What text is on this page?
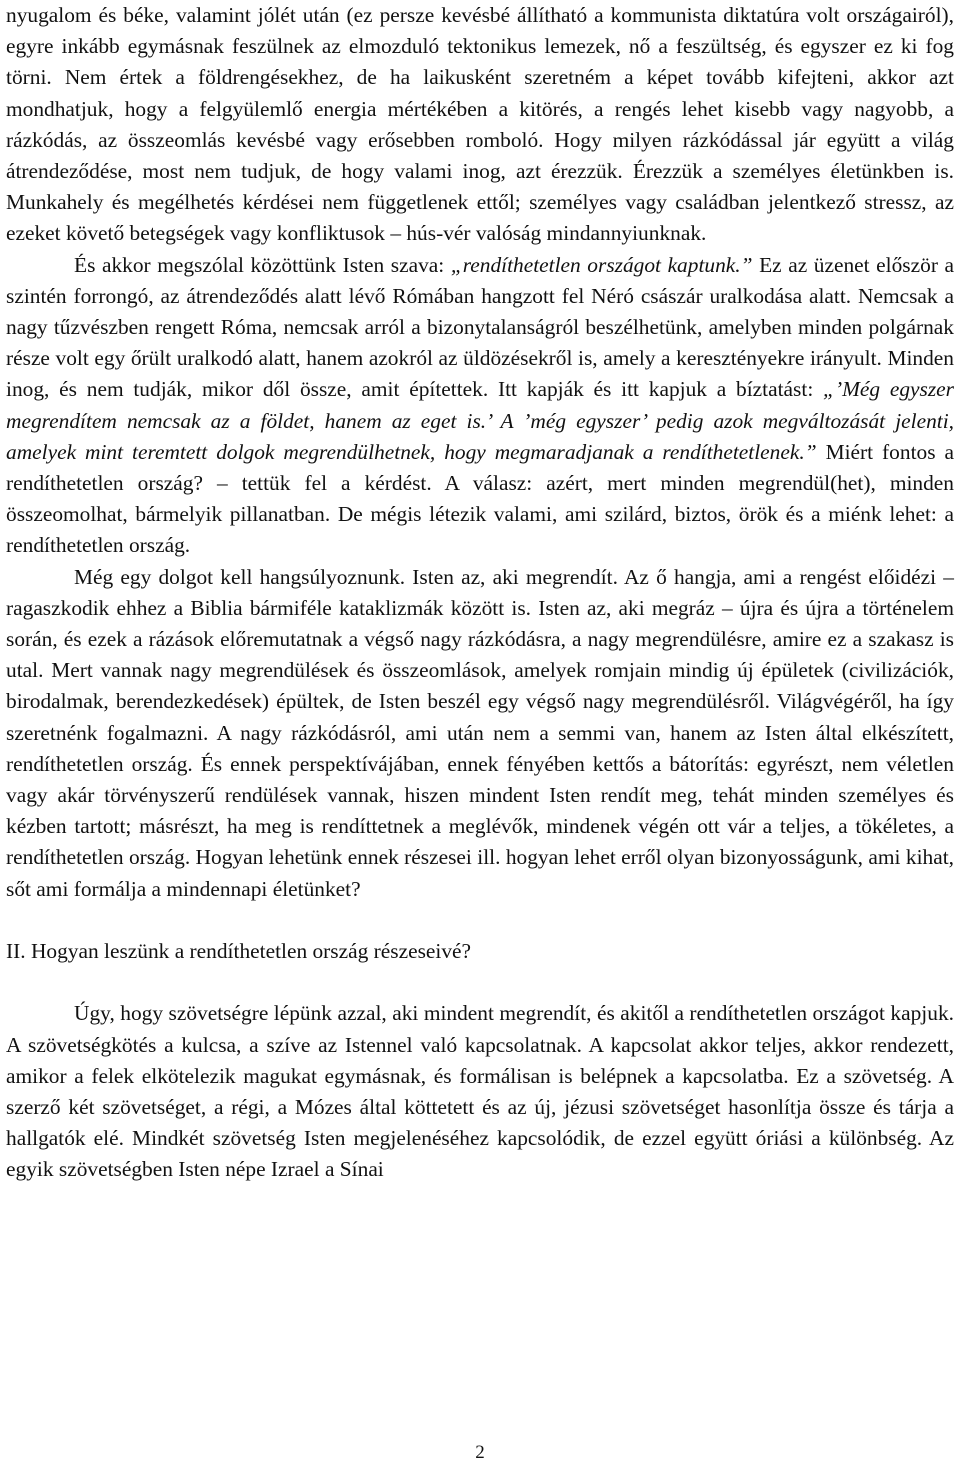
nyugalom és béke, valamint jólét után (ez persze kevésbé állítható a kommunista diktatúra volt országairól), egyre inkább egymásnak feszülnek az elmozduló tektonikus lemezek, nő a feszültség, és egyszer ez ki fog törni. Nem értek a földrengésekhez, de ha laikusként szeretném a képet tovább kifejteni, akkor azt mondhatjuk, hogy a felgyülemlő energia mértékében a kitörés, a rengés lehet kisebb vagy nagyobb, a rázkódás, az összeomlás kevésbé vagy erősebben romboló. Hogy milyen rázkódással jár együtt a világ átrendeződése, most nem tudjuk, de hogy valami inog, azt érezzük. Érezzük a személyes életünkben is. Munkahely és megélhetés kérdései nem függetlenek ettől; személyes vagy családban jelentkező stressz, az ezeket követő betegségek vagy konfliktusok – hús-vér valóság mindannyiunknak.

És akkor megszólal közöttünk Isten szava: „rendíthetetlen országot kaptunk.” Ez az üzenet először a szintén forrongó, az átrendeződés alatt lévő Rómában hangzott fel Néró császár uralkodása alatt. Nemcsak a nagy tűzvészben rengett Róma, nemcsak arról a bizonytalanságról beszélhetünk, amelyben minden polgárnak része volt egy őrült uralkodó alatt, hanem azokról az üldözésekről is, amely a keresztényekre irányult. Minden inog, és nem tudják, mikor dől össze, amit építettek. Itt kapják és itt kapjuk a bíztatást: „’Még egyszer megrendítem nemcsak az a földet, hanem az eget is.’ A ’még egyszer’ pedig azok megváltozását jelenti, amelyek mint teremtett dolgok megrendülhetnek, hogy megmaradjanak a rendíthetetlenek.” Miért fontos a rendíthetetlen ország? – tettük fel a kérdést. A válasz: azért, mert minden megrendül(het), minden összeomolhat, bármelyik pillanatban. De mégis létezik valami, ami szilárd, biztos, örök és a miénk lehet: a rendíthetetlen ország.

Még egy dolgot kell hangsúlyoznunk. Isten az, aki megrendít. Az ő hangja, ami a rengést előidézi – ragaszkodik ehhez a Biblia bármiféle kataklizmák között is. Isten az, aki megráz – újra és újra a történelem során, és ezek a rázások előremutatnak a végső nagy rázkódásra, a nagy megrendülésre, amire ez a szakasz is utal. Mert vannak nagy megrendülések és összeomlások, amelyek romjain mindig új épületek (civilizációk, birodalmak, berendezkedések) épültek, de Isten beszél egy végső nagy megrendülésről. Világvégéről, ha így szeretnénk fogalmazni. A nagy rázkódásról, ami után nem a semmi van, hanem az Isten által elkészített, rendíthetetlen ország. És ennek perspektívájában, ennek fényében kettős a bátorítás: egyrészt, nem véletlen vagy akár törvényszerű rendülések vannak, hiszen mindent Isten rendít meg, tehát minden személyes és kézben tartott; másrészt, ha meg is rendíttetnek a meglévők, mindenek végén ott vár a teljes, a tökéletes, a rendíthetetlen ország. Hogyan lehetünk ennek részesei ill. hogyan lehet erről olyan bizonyosságunk, ami kihat, sőt ami formálja a mindennapi életünket?

II. Hogyan leszünk a rendíthetetlen ország részeseivé?

Úgy, hogy szövetségre lépünk azzal, aki mindent megrendít, és akitől a rendíthetetlen országot kapjuk. A szövetségkötés a kulcsa, a szíve az Istennel való kapcsolatnak. A kapcsolat akkor teljes, akkor rendezett, amikor a felek elkötelezik magukat egymásnak, és formálisan is belépnek a kapcsolatba. Ez a szövetség. A szerző két szövetséget, a régi, a Mózes által köttetett és az új, jézusi szövetséget hasonlítja össze és tárja a hallgatók elé. Mindkét szövetség Isten megjelenéséhez kapcsolódik, de ezzel együtt óriási a különbség. Az egyik szövetségben Isten népe Izrael a Sínai

2
